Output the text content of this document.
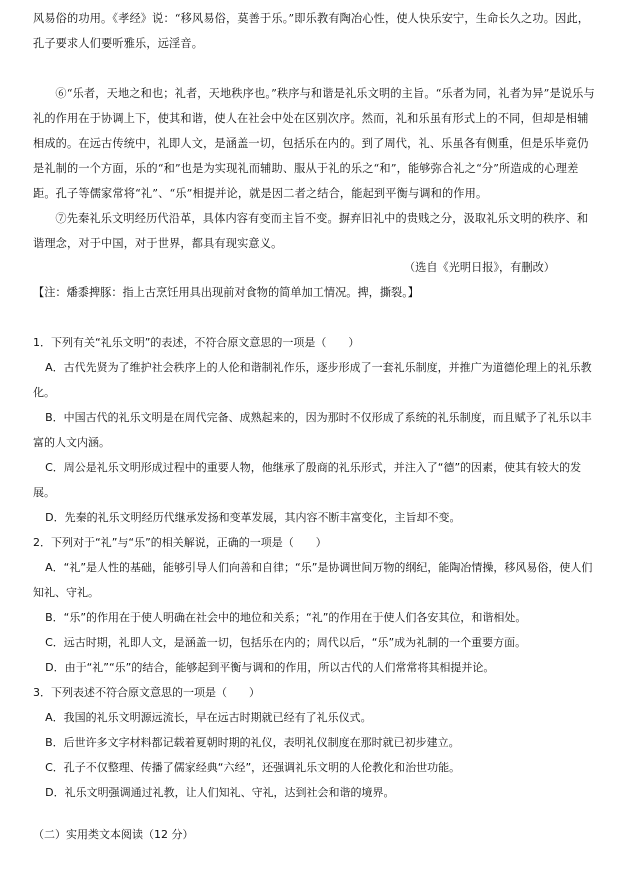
风易俗的功用。《孝经》说：“移风易俗，莫善于乐。”即乐教有陶冶心性，使人快乐安宁，生命长久之功。因此，孔子要求人们要听雅乐，远淫音。

⑥“乐者，天地之和也；礼者，天地秩序也。”秩序与和谐是礼乐文明的主旨。“乐者为同，礼者为异”是说乐与礼的作用在于协调上下，使其和谐，使人在社会中处在区别次序。然而，礼和乐虽有形式上的不同，但却是相辅相成的。在远古传统中，礼即人文，是涵盖一切，包括乐在内的。到了周代，礼、乐虽各有侧重，但是乐毕竟仍是礼制的一个方面，乐的“和”也是为实现礼而辅助、服从于礼的乐之“和”，能够弥合礼之“分”所造成的心理差距。孔子等儒家常将“礼”、“乐”相提并论，就是因二者之结合，能起到平衡与调和的作用。

⑦先秦礼乐文明经历代沿革，具体内容有变而主旨不变。摒弃旧礼中的贵贱之分，汲取礼乐文明的秩序、和谐理念，对于中国，对于世界，都具有现实意义。

（选自《光明日报》，有删改）
【注：燔黍捭豚：指上古烹饪用具出现前对食物的简单加工情况。捭，撕裂。】

1．下列有关“礼乐文明”的表述，不符合原文意思的一项是（　　）

A．古代先贤为了维护社会秩序上的人伦和谐制礼作乐，逐步形成了一套礼乐制度，并推广为道德伦理上的礼乐教化。

B．中国古代的礼乐文明是在周代完备、成熟起来的，因为那时不仅形成了系统的礼乐制度，而且赋予了礼乐以丰富的人文内涵。

C．周公是礼乐文明形成过程中的重要人物，他继承了殷商的礼乐形式，并注入了“德”的因素，使其有较大的发展。

D．先秦的礼乐文明经历代继承发扬和变革发展，其内容不断丰富变化，主旨却不变。

2．下列对于“礼”与“乐”的相关解说，正确的一项是（　　）

A．“礼”是人性的基础，能够引导人们向善和自律；“乐”是协调世间万物的纲纪，能陶冶情操，移风易俗，使人们知礼、守礼。

B．“乐”的作用在于使人明确在社会中的地位和关系；“礼”的作用在于使人们各安其位，和谐相处。

C．远古时期，礼即人文，是涵盖一切，包括乐在内的；周代以后，“乐”成为礼制的一个重要方面。

D．由于“礼”“乐”的结合，能够起到平衡与调和的作用，所以古代的人们常常将其相提并论。

3．下列表述不符合原文意思的一项是（　　）

A．我国的礼乐文明源远流长，早在远古时期就已经有了礼乐仪式。

B．后世许多文字材料都记载着夏朝时期的礼仪，表明礼仪制度在那时就已初步建立。

C．孔子不仅整理、传播了儒家经典“六经”，还强调礼乐文明的人伦教化和治世功能。

D．礼乐文明强调通过礼教，让人们知礼、守礼，达到社会和谐的境界。

（二）实用类文本阅读（12 分）
